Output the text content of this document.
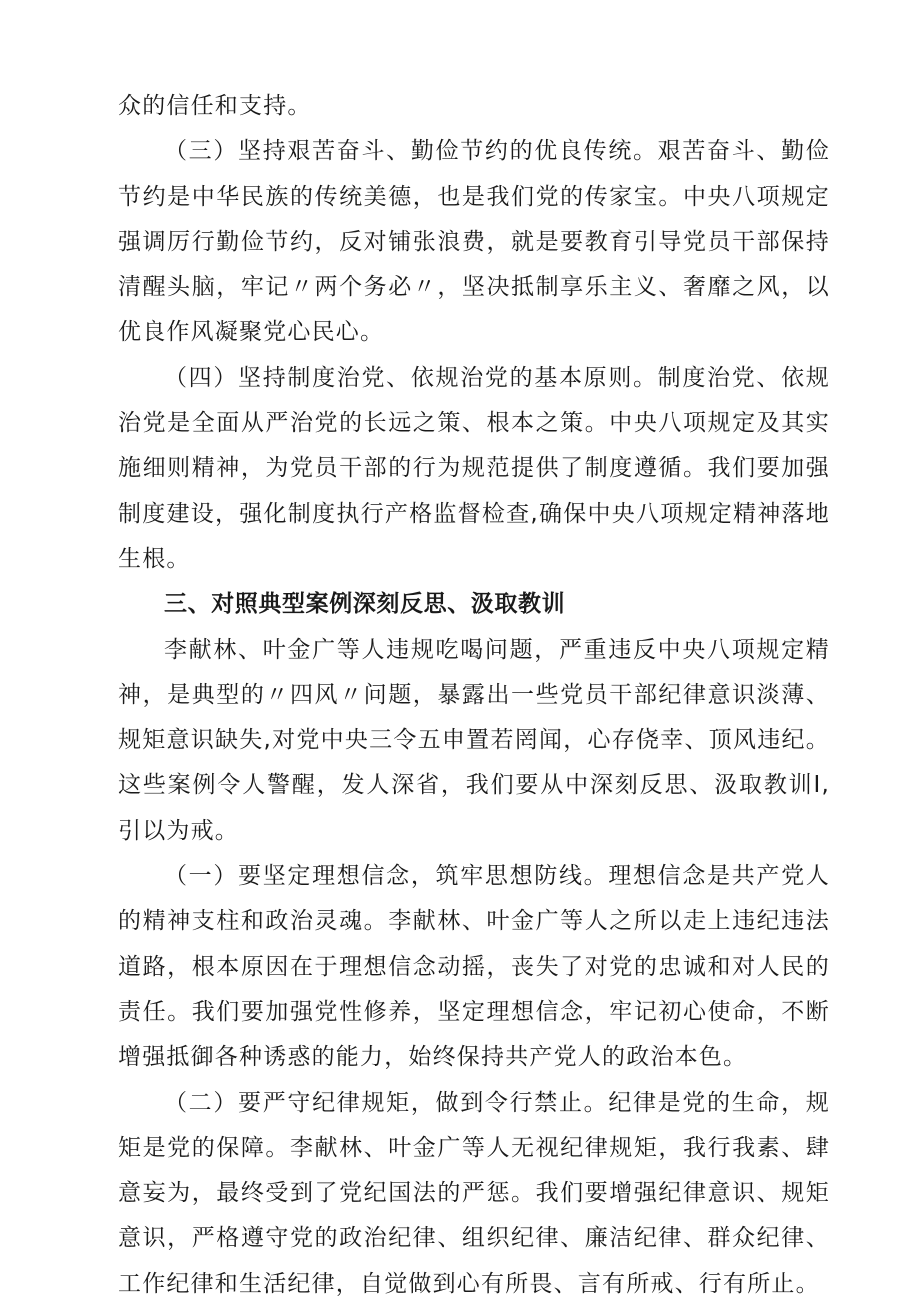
众的信任和支持。

（三）坚持艰苦奋斗、勤俭节约的优良传统。艰苦奋斗、勤俭节约是中华民族的传统美德，也是我们党的传家宝。中央八项规定强调厉行勤俭节约，反对铺张浪费，就是要教育引导党员干部保持清醒头脑，牢记〃两个务必〃，坚决抵制享乐主义、奢靡之风，以优良作风凝聚党心民心。

（四）坚持制度治党、依规治党的基本原则。制度治党、依规治党是全面从严治党的长远之策、根本之策。中央八项规定及其实施细则精神，为党员干部的行为规范提供了制度遵循。我们要加强制度建设，强化制度执行产格监督检查,确保中央八项规定精神落地生根。

三、对照典型案例深刻反思、汲取教训

李献林、叶金广等人违规吃喝问题，严重违反中央八项规定精神，是典型的〃四风〃问题，暴露出一些党员干部纪律意识淡薄、规矩意识缺失,对党中央三令五申置若罔闻，心存侥幸、顶风违纪。这些案例令人警醒，发人深省，我们要从中深刻反思、汲取教训I,引以为戒。

（一）要坚定理想信念，筑牢思想防线。理想信念是共产党人的精神支柱和政治灵魂。李献林、叶金广等人之所以走上违纪违法道路，根本原因在于理想信念动摇，丧失了对党的忠诚和对人民的责任。我们要加强党性修养，坚定理想信念，牢记初心使命，不断增强抵御各种诱惑的能力，始终保持共产党人的政治本色。

（二）要严守纪律规矩，做到令行禁止。纪律是党的生命，规矩是党的保障。李献林、叶金广等人无视纪律规矩，我行我素、肆意妄为，最终受到了党纪国法的严惩。我们要增强纪律意识、规矩意识，严格遵守党的政治纪律、组织纪律、廉洁纪律、群众纪律、工作纪律和生活纪律，自觉做到心有所畏、言有所戒、行有所止。
